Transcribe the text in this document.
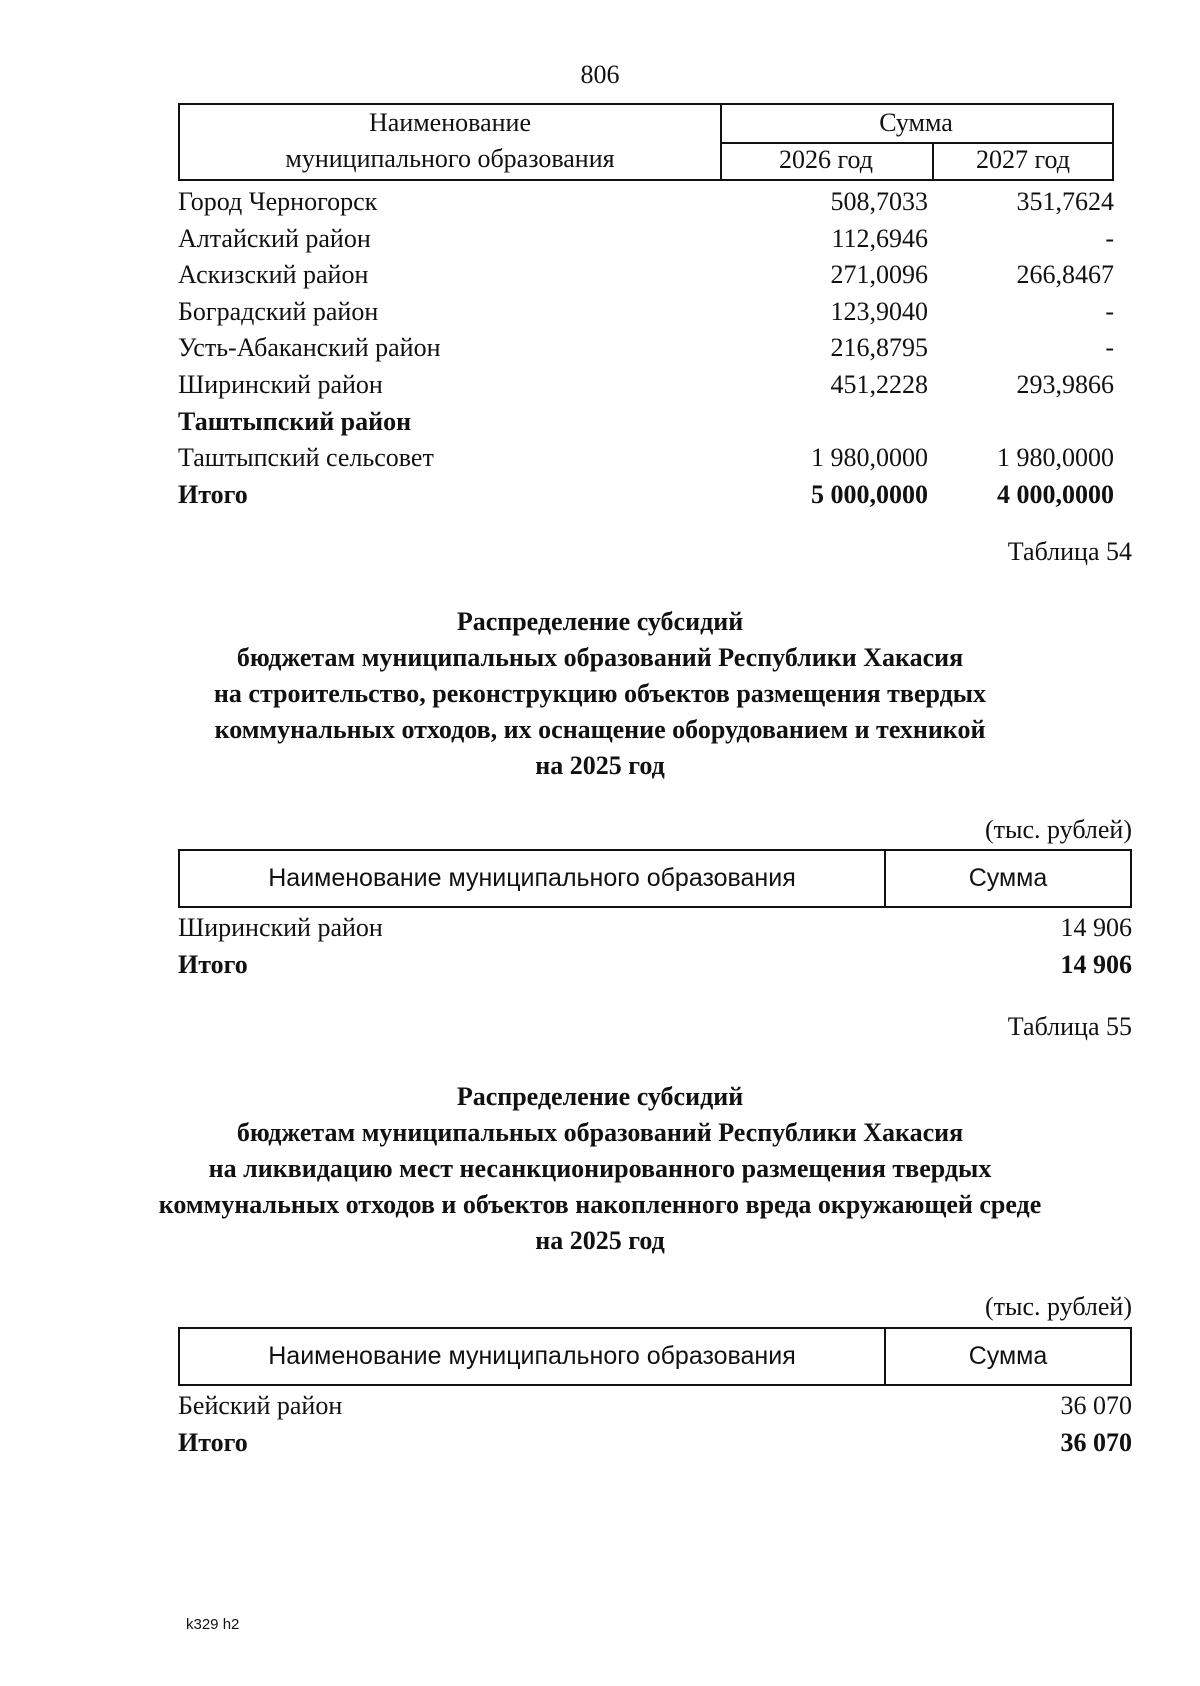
806
Наименование
муниципального образования
Сумма
2026 год	2027 год
Город Черногорск	508,7033	351,7624
Алтайский район	112,6946	-
Аскизский район	271,0096	266,8467
Боградский район	123,9040	-
Усть-Абаканский район	216,8795	-
Ширинский район	451,2228	293,9866
Таштыпский район
Таштыпский сельсовет	1 980,0000	1 980,0000
Итого	5 000,0000	4 000,0000
Таблица 54
Распределение субсидий
бюджетам муниципальных образований Республики Хакасия
на строительство, реконструкцию объектов размещения твердых
коммунальных отходов, их оснащение оборудованием и техникой
на 2025 год
(тыс. рублей)
Наименование муниципального образования	Сумма
Ширинский район	14 906
Итого	14 906
Таблица 55
Распределение субсидий
бюджетам муниципальных образований Республики Хакасия
на ликвидацию мест несанкционированного размещения твердых
коммунальных отходов и объектов накопленного вреда окружающей среде
на 2025 год
(тыс. рублей)
Наименование муниципального образования	Сумма
Бейский район	36 070
Итого	36 070
k329 h2
